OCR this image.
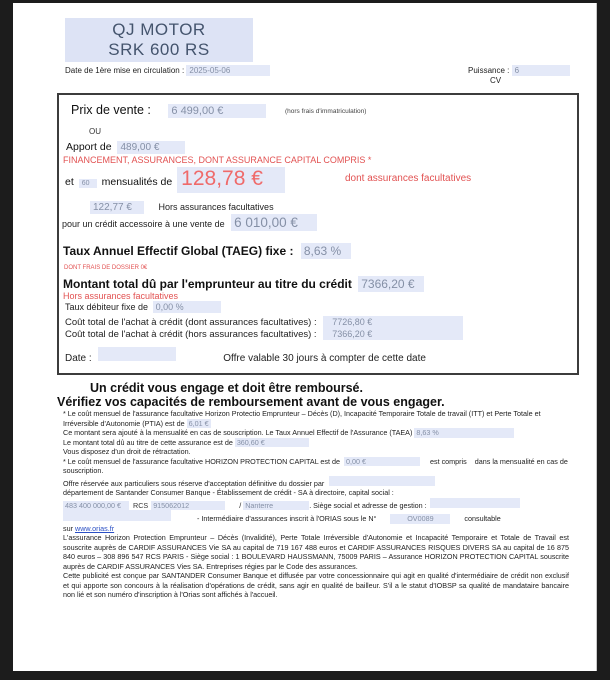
QJ MOTOR
SRK 600 RS
Date de 1ère mise en circulation : 2025-05-06	Puissance : 6 CV
Prix de vente : 6 499,00 €	(hors frais d'immatriculation)
OU
Apport de 489,00 €
FINANCEMENT, ASSURANCES, DONT ASSURANCE CAPITAL COMPRIS *
et 60 mensualités de 128,78 €	dont assurances facultatives
122,77 €	Hors assurances facultatives
pour un crédit accessoire à une vente de 6 010,00 €
Taux Annuel Effectif Global (TAEG) fixe : 8,63 %
DONT FRAIS DE DOSSIER 0€
Montant total dû par l'emprunteur au titre du crédit 7366,20 €
Hors assurances facultatives
Taux débiteur fixe de 0,00 %
Coût total de l'achat à crédit (dont assurances facultatives) : 7726,80 €
Coût total de l'achat à crédit (hors assurances facultatives) : 7366,20 €
Date :	Offre valable 30 jours à compter de cette date
Un crédit vous engage et doit être remboursé.
Vérifiez vos capacités de remboursement avant de vous engager.

* Le coût mensuel de l'assurance facultative Horizon Protectio Emprunteur – Décès (D), Incapacité Temporaire Totale de travail (ITT) et Perte Totale et Irréversible d'Autonomie (PTIA) est de 6,01 €

Ce montant sera ajouté à la mensualité en cas de souscription. Le Taux Annuel Effectif de l'Assurance (TAEA) 8,63 %

Le montant total dû au titre de cette assurance est de 360,60 €

Vous disposez d'un droit de rétractation.

* Le coût mensuel de l'assurance facultative HORIZON PROTECTION CAPITAL est de 0,00 €	est compris dans la mensualité en cas de souscription.

Offre réservée aux particuliers sous réserve d'acceptation définitive du dossier par

département de Santander Consumer Banque - Établissement de crédit - SA à directoire, capital social :

483 400 000,00 € RCS 915062012	/ Nanterre	. Siège social et adresse de gestion :

- Intermédiaire d'assurances inscrit à l'ORIAS sous le N°	OV0089	consultable

sur www.orias.fr

L'assurance Horizon Protection Emprunteur – Décès (Invalidité), Perte Totale Irréversible d'Autonomie et Incapacité Temporaire et Totale de Travail est souscrite auprès de CARDIF ASSURANCES Vie SA au capital de 719 167 488 euros et CARDIF ASSURANCES RISQUES DIVERS SA au capital de 16 875 840 euros – 308 896 547 RCS PARIS - Siège social : 1 BOULEVARD HAUSSMANN, 75009 PARIS – Assurance HORIZON PROTECTION CAPITAL souscrite auprès de CARDIF ASSURANCES Vies SA. Entreprises régies par le Code des assurances.

Cette publicité est conçue par SANTANDER Consumer Banque et diffusée par votre concessionnaire qui agit en qualité d'intermédiaire de crédit non exclusif et qui apporte son concours à la réalisation d'opérations de crédit, sans agir en qualité de bailleur. S'il a le statut d'IOBSP sa qualité de mandataire bancaire non lié et son numéro d'inscription à l'Orias sont affichés à l'accueil.
